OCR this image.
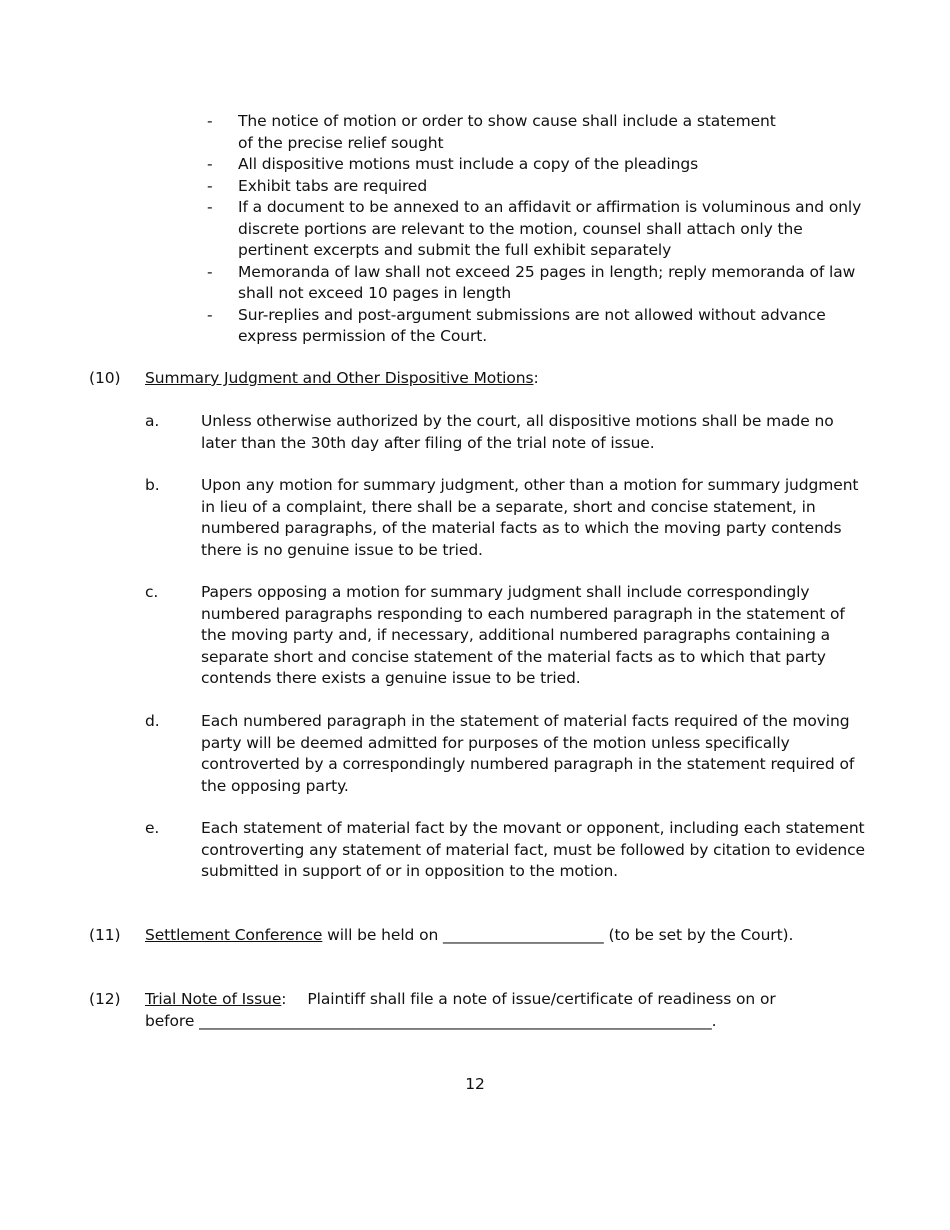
-	The notice of motion or order to show cause shall include a statement of the precise relief sought
-	All dispositive motions must include a copy of the pleadings
-	Exhibit tabs are required
-	If a document to be annexed to an affidavit or affirmation is voluminous and only discrete portions are relevant to the motion, counsel shall attach only the pertinent excerpts and submit the full exhibit separately
-	Memoranda of law shall not exceed 25 pages in length; reply memoranda of law shall not exceed 10 pages in length
-	Sur-replies and post-argument submissions are not allowed without advance express permission of the Court.
(10) Summary Judgment and Other Dispositive Motions:
a.	Unless otherwise authorized by the court, all dispositive motions shall be made no later than the 30th day after filing of the trial note of issue.
b.	Upon any motion for summary judgment, other than a motion for summary judgment in lieu of a complaint, there shall be a separate, short and concise statement, in numbered paragraphs, of the material facts as to which the moving party contends there is no genuine issue to be tried.
c.	Papers opposing a motion for summary judgment shall include correspondingly numbered paragraphs responding to each numbered paragraph in the statement of the moving party and, if necessary, additional numbered paragraphs containing a separate short and concise statement of the material facts as to which that party contends there exists a genuine issue to be tried.
d.	Each numbered paragraph in the statement of material facts required of the moving party will be deemed admitted for purposes of the motion unless specifically controverted by a correspondingly numbered paragraph in the statement required of the opposing party.
e.	Each statement of material fact by the movant or opponent, including each statement controverting any statement of material fact, must be followed by citation to evidence submitted in support of or in opposition to the motion.
(11) Settlement Conference will be held on _____________________ (to be set by the Court).
(12) Trial Note of Issue: Plaintiff shall file a note of issue/certificate of readiness on or
before ___________________________________________________________________.
12
